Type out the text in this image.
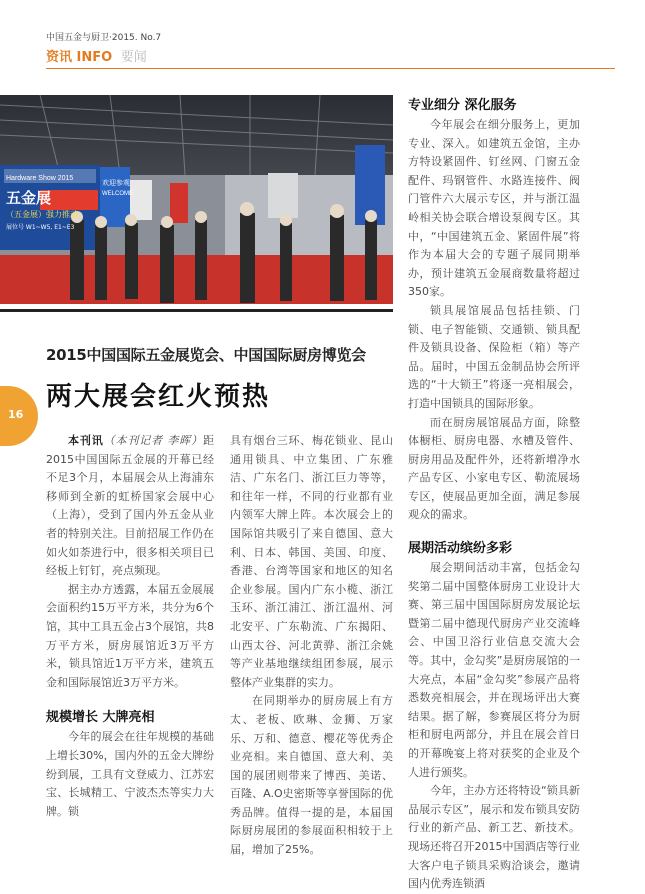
中国五金与厨卫·2015. No.7
资讯 INFO 要闻
Hardware Show 2015
五金展
（五金展）强力推动
展位号 W1~W5, E1~E3
欢迎参观
WELCOME
16
2015中国国际五金展览会、中国国际厨房博览会
两大展会红火预热

本刊讯（本刊记者 李晖）距2015中国国际五金展的开幕已经不足3个月，本届展会从上海浦东移师到全新的虹桥国家会展中心（上海），受到了国内外五金从业者的特别关注。目前招展工作仍在如火如荼进行中，很多相关项目已经板上钉钉，亮点频现。

据主办方透露，本届五金展展会面积约15万平方米，共分为6个馆，其中工具五金占3个展馆，共8万平方米，厨房展馆近3万平方米，锁具馆近1万平方米，建筑五金和国际展馆近3万平方米。

规模增长 大牌亮相

今年的展会在往年规模的基础上增长30%，国内外的五金大牌纷纷到展，工具有文登威力、江苏宏宝、长城精工、宁波杰杰等实力大牌。锁

具有烟台三环、梅花锁业、昆山通用锁具、中立集团、广东雅洁、广东名门、浙江巨力等等，和往年一样，不同的行业都有业内领军大牌上阵。本次展会上的国际馆共吸引了来自德国、意大利、日本、韩国、美国、印度、香港、台湾等国家和地区的知名企业参展。国内广东小榄、浙江玉环、浙江浦江、浙江温州、河北安平、广东勒流、广东揭阳、山西太谷、河北黄骅、浙江余姚等产业基地继续组团参展，展示整体产业集群的实力。

在同期举办的厨房展上有方太、老板、欧琳、金狮、万家乐、万和、德意、樱花等优秀企业亮相。来自德国、意大利、美国的展团则带来了博西、美诺、百隆、A.O史密斯等享誉国际的优秀品牌。值得一提的是，本届国际厨房展团的参展面积相较于上届，增加了25%。

专业细分 深化服务

今年展会在细分服务上，更加专业、深入。如建筑五金馆，主办方特设紧固件、钉丝网、门窗五金配件、玛钢管件、水路连接件、阀门管件六大展示专区，并与浙江温岭相关协会联合增设泵阀专区。其中，“中国建筑五金、紧固件展”将作为本届大会的专题子展同期举办，预计建筑五金展商数量将超过350家。

锁具展馆展品包括挂锁、门锁、电子智能锁、交通锁、锁具配件及锁具设备、保险柜（箱）等产品。届时，中国五金制品协会所评选的“十大锁王”将逐一亮相展会，打造中国锁具的国际形象。

而在厨房展馆展品方面，除整体橱柜、厨房电器、水槽及管件、厨房用品及配件外，还将新增净水产品专区、小家电专区、勒流展场专区，使展品更加全面，满足参展观众的需求。

展期活动缤纷多彩

展会期间活动丰富，包括金勾奖第二届中国整体厨房工业设计大赛、第三届中国国际厨房发展论坛暨第二届中德现代厨房产业交流峰会、中国卫浴行业信息交流大会等。其中，金勾奖”是厨房展馆的一大亮点，本届“金勾奖”参展产品将悉数亮相展会，并在现场评出大赛结果。据了解，参赛展区将分为厨柜和厨电两部分，并且在展会首日的开幕晚宴上将对获奖的企业及个人进行颁奖。

今年，主办方还将特设“锁具新品展示专区”，展示和发布锁具安防行业的新产品、新工艺、新技术。现场还将召开2015中国酒店等行业大客户电子锁具采购洽谈会，邀请国内优秀连锁酒
